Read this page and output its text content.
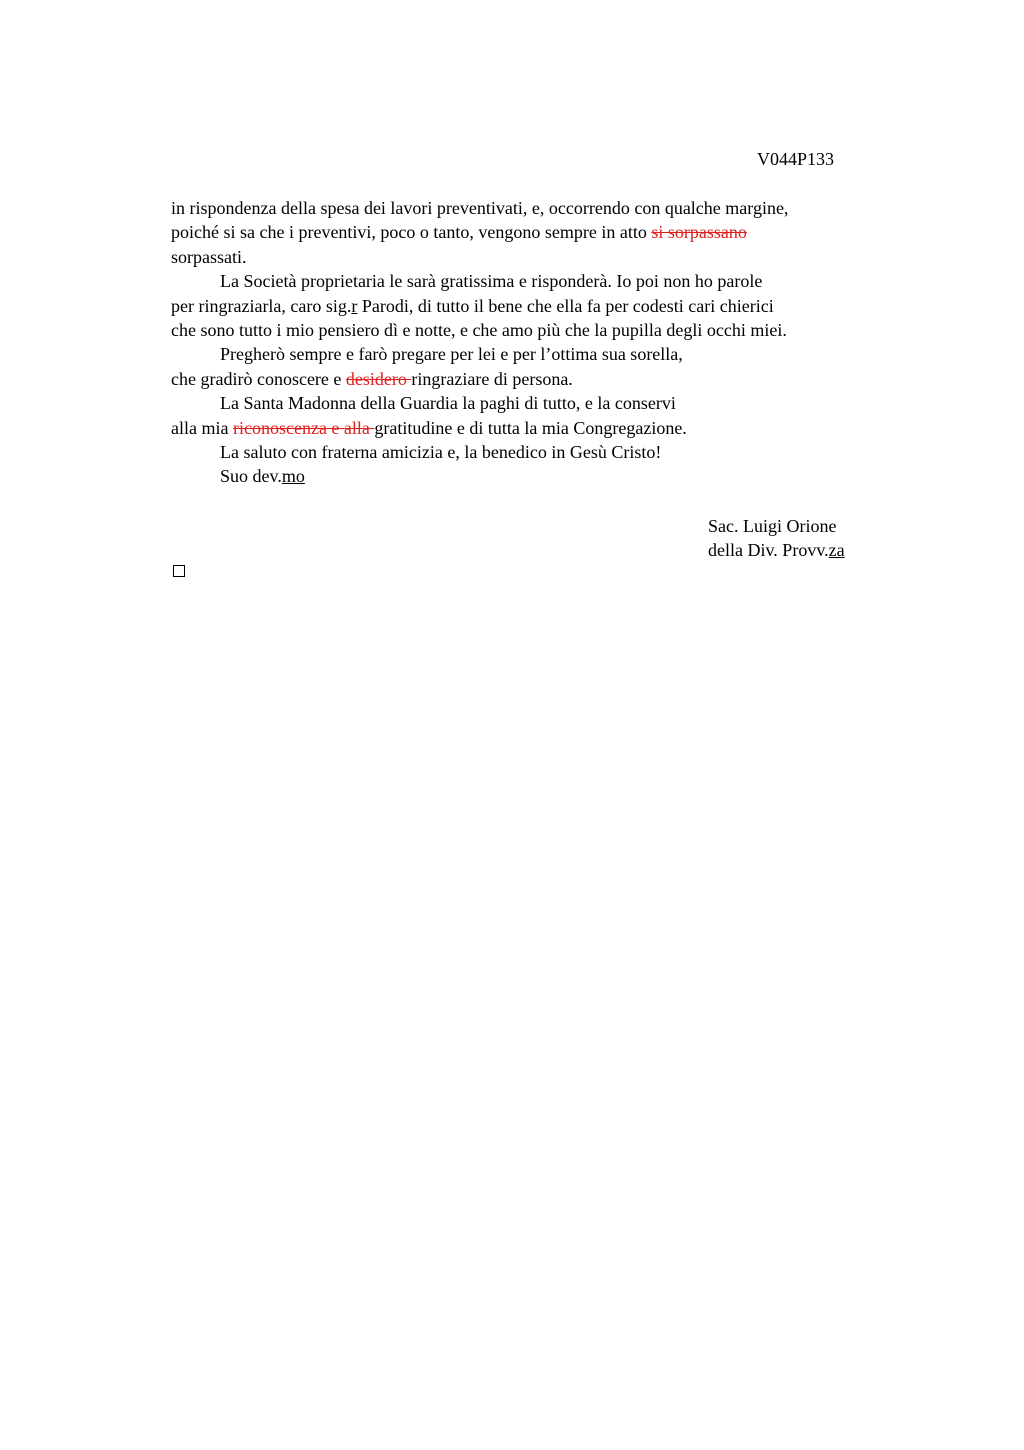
V044P133
in rispondenza della spesa dei lavori preventivati, e, occorrendo con qualche margine,
poiché si sa che i preventivi, poco o tanto, vengono sempre in atto si sorpassano
sorpassati.
La Società proprietaria le sarà gratissima e risponderà. Io poi non ho parole
per ringraziarla, caro sig.r Parodi, di tutto il bene che ella fa per codesti cari chierici
che sono tutto i mio pensiero dì e notte, e che amo più che la pupilla degli occhi miei.
Pregherò sempre e farò pregare per lei e per l’ottima sua sorella,
che gradirò conoscere e desidero ringraziare di persona.
La Santa Madonna della Guardia la paghi di tutto, e la conservi
alla mia riconoscenza e alla gratitudine e di tutta la mia Congregazione.
La saluto con fraterna amicizia e, la benedico in Gesù Cristo!
Suo dev.mo
Sac. Luigi Orione
della Div. Provv.za
